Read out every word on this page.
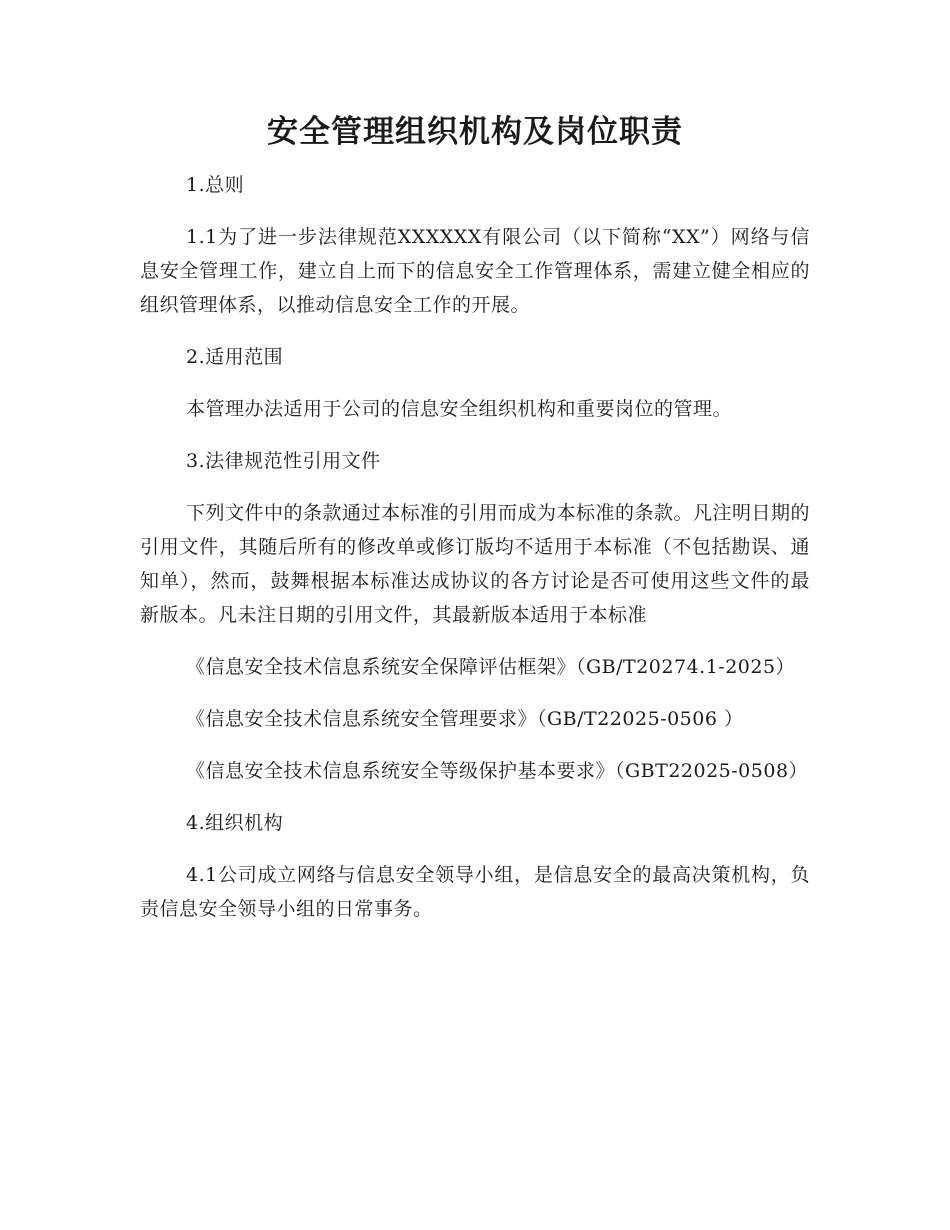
安全管理组织机构及岗位职责

1.总则

1.1为了进一步法律规范XXXXXX有限公司（以下简称“XX”）网络与信息安全管理工作，建立自上而下的信息安全工作管理体系，需建立健全相应的组织管理体系，以推动信息安全工作的开展。

2.适用范围

本管理办法适用于公司的信息安全组织机构和重要岗位的管理。

3.法律规范性引用文件

下列文件中的条款通过本标准的引用而成为本标准的条款。凡注明日期的引用文件，其随后所有的修改单或修订版均不适用于本标准（不包括勘误、通知单），然而，鼓舞根据本标准达成协议的各方讨论是否可使用这些文件的最新版本。凡未注日期的引用文件，其最新版本适用于本标准

《信息安全技术信息系统安全保障评估框架》（GB/T20274.1-2025）

《信息安全技术信息系统安全管理要求》（GB/T22025-0506 ）

《信息安全技术信息系统安全等级保护基本要求》（GBT22025-0508）

4.组织机构

4.1公司成立网络与信息安全领导小组，是信息安全的最高决策机构，负责信息安全领导小组的日常事务。
